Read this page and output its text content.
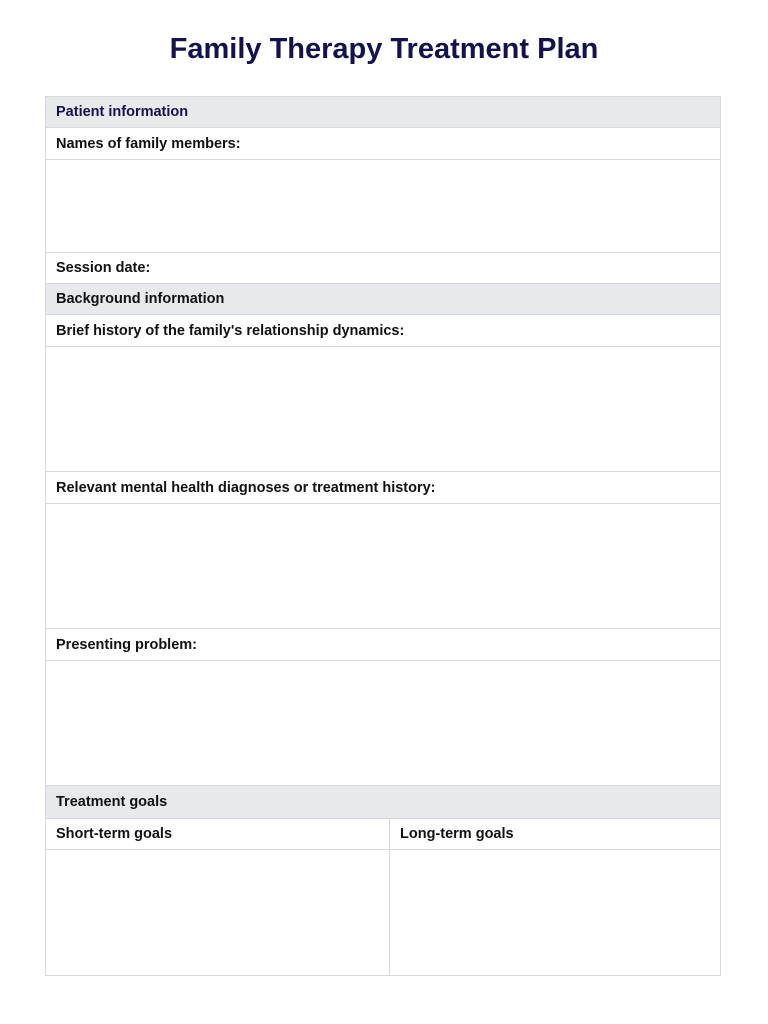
Family Therapy Treatment Plan
Patient information
Names of family members:
Session date:
Background information
Brief history of the family's relationship dynamics:
Relevant mental health diagnoses or treatment history:
Presenting problem:
Treatment goals
Short-term goals	Long-term goals
